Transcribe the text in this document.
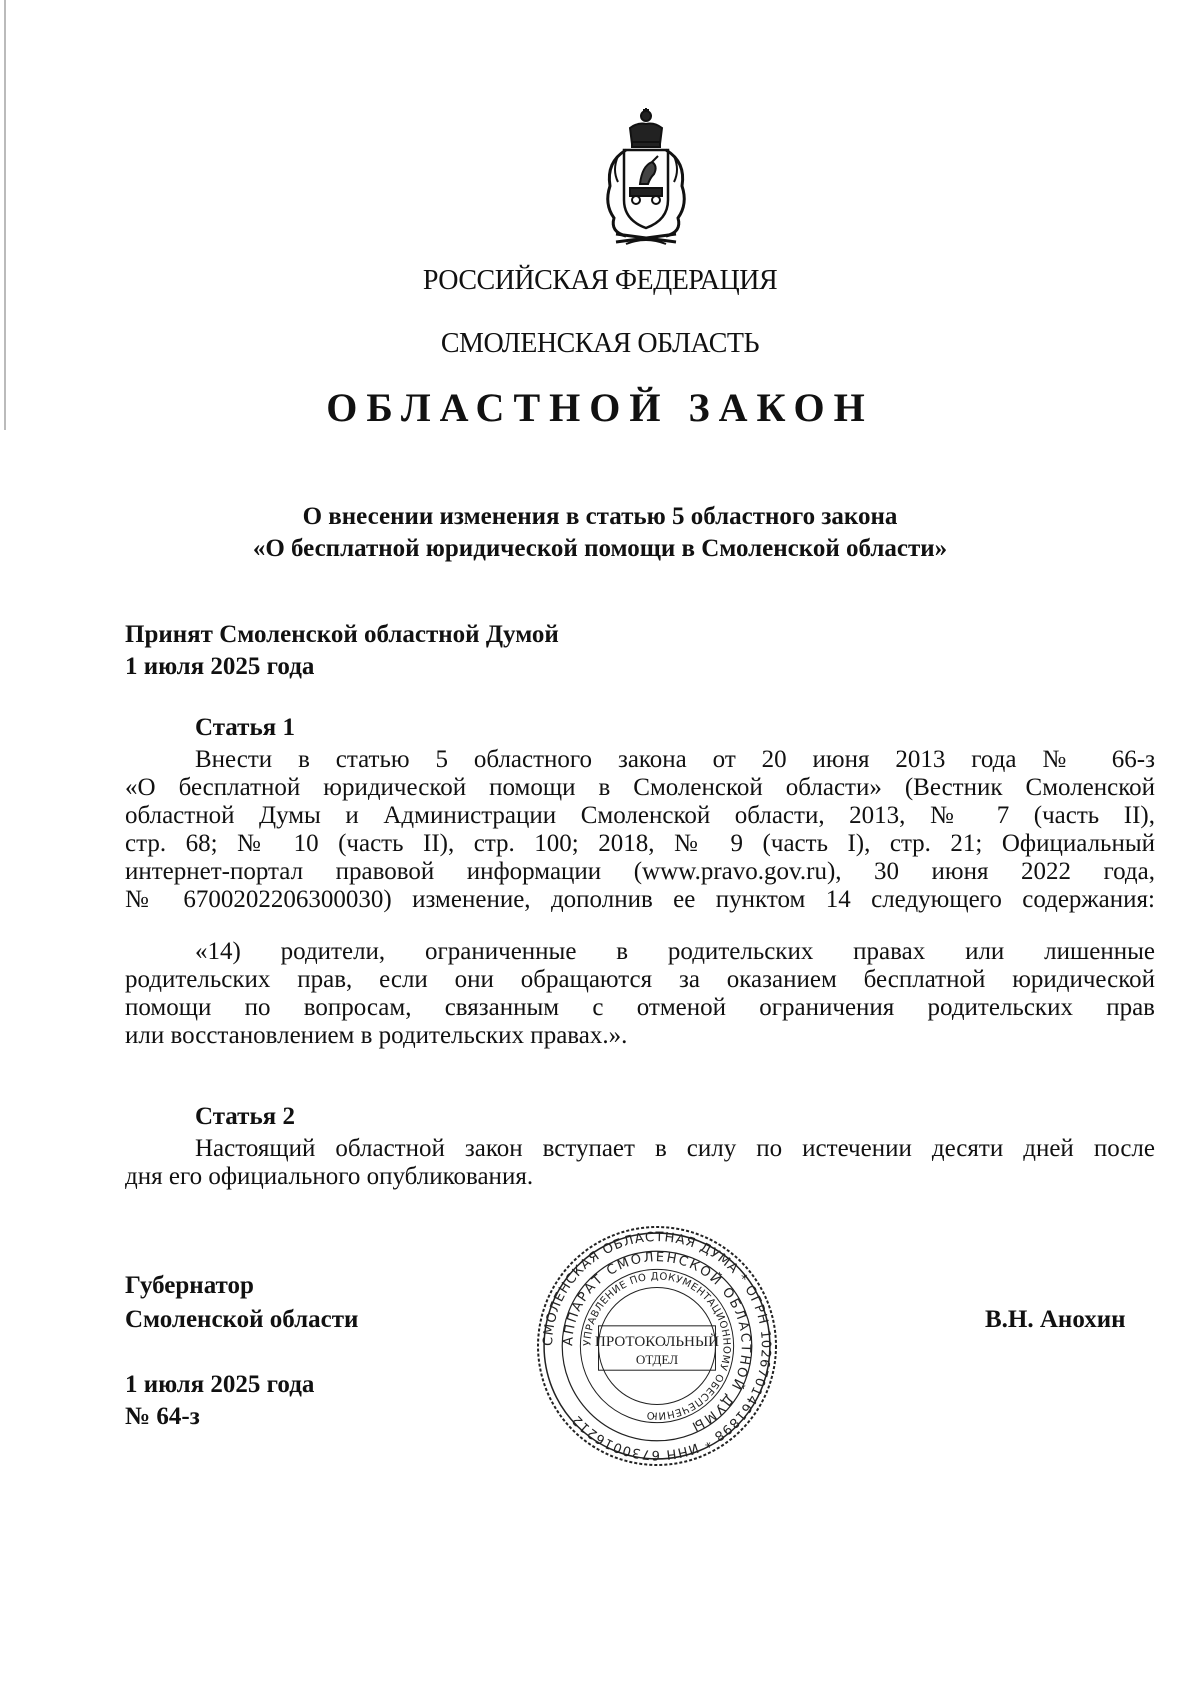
РОССИЙСКАЯ ФЕДЕРАЦИЯ
СМОЛЕНСКАЯ ОБЛАСТЬ
ОБЛАСТНОЙ ЗАКОН
О внесении изменения в статью 5 областного закона
«О бесплатной юридической помощи в Смоленской области»
Принят Смоленской областной Думой
1 июля 2025 года
Статья 1
Внести в статью 5 областного закона от 20 июня 2013 года № 66-з
«О бесплатной юридической помощи в Смоленской области» (Вестник Смоленской
областной Думы и Администрации Смоленской области, 2013, № 7 (часть II),
стр. 68; № 10 (часть II), стр. 100; 2018, № 9 (часть I), стр. 21; Официальный
интернет-портал правовой информации (www.pravo.gov.ru), 30 июня 2022 года,
№ 6700202206300030) изменение, дополнив ее пунктом 14 следующего содержания:
«14) родители, ограниченные в родительских правах или лишенные
родительских прав, если они обращаются за оказанием бесплатной юридической
помощи по вопросам, связанным с отменой ограничения родительских прав
или восстановлением в родительских правах.».
Статья 2
Настоящий областной закон вступает в силу по истечении десяти дней после
дня его официального опубликования.
Губернатор
Смоленской области	В.Н. Анохин
1 июля 2025 года
№ 64-з
СМОЛЕНСКАЯ ОБЛАСТНАЯ ДУМА * ОГРН 1026701461898 * ИНН 6730016212
АППАРАТ СМОЛЕНСКОЙ ОБЛАСТНОЙ ДУМЫ
УПРАВЛЕНИЕ ПО ДОКУМЕНТАЦИОННОМУ ОБЕСПЕЧЕНИЮ
ПРОТОКОЛЬНЫЙ
ОТДЕЛ
